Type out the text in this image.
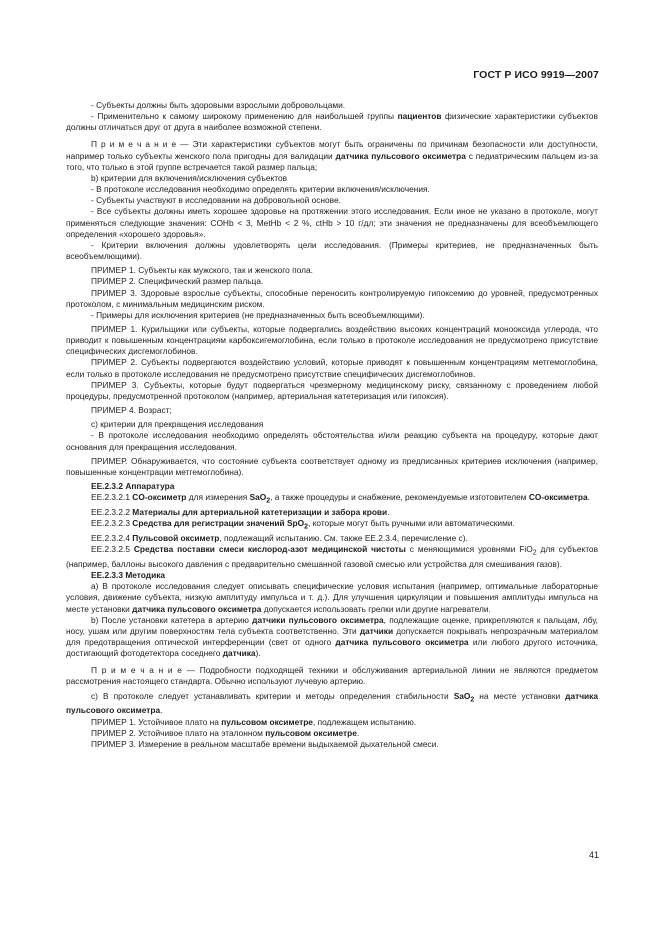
ГОСТ Р ИСО 9919—2007

- Субъекты должны быть здоровыми взрослыми добровольцами.

- Применительно к самому широкому применению для наибольшей группы пациентов физические характеристики субъектов должны отличаться друг от друга в наиболее возможной степени.

П р и м е ч а н и е — Эти характеристики субъектов могут быть ограничены по причинам безопасности или доступности, например только субъекты женского пола пригодны для валидации датчика пульсового оксиметра с педиатрическим пальцем из-за того, что только в этой группе встречается такой размер пальца;

b) критерии для включения/исключения субъектов

- В протоколе исследования необходимо определять критерии включения/исключения.

- Субъекты участвуют в исследовании на добровольной основе.

- Все субъекты должны иметь хорошее здоровье на протяжении этого исследования. Если иное не указано в протоколе, могут применяться следующие значения: COHb < 3, MetHb < 2 %, ctHb > 10 г/дл; эти значения не предназначены для всеобъемлющего определения «хорошего здоровья».

- Критерии включения должны удовлетворять цели исследования. (Примеры критериев, не предназначенных быть всеобъемлющими).

ПРИМЕР 1. Субъекты как мужского, так и женского пола.

ПРИМЕР 2. Специфический размер пальца.

ПРИМЕР 3. Здоровые взрослые субъекты, способные переносить контролируемую гипоксемию до уровней, предусмотренных протоколом, с минимальным медицинским риском.

- Примеры для исключения критериев (не предназначенных быть всеобъемлющими).

ПРИМЕР 1. Курильщики или субъекты, которые подвергались воздействию высоких концентраций монооксида углерода, что приводит к повышенным концентрациям карбоксигемоглобина, если только в протоколе исследования не предусмотрено присутствие специфических дисгемоглобинов.

ПРИМЕР 2. Субъекты подвергаются воздействию условий, которые приводят к повышенным концентрациям метгемоглобина, если только в протоколе исследования не предусмотрено присутствие специфических дисгемоглобинов.

ПРИМЕР 3. Субъекты, которые будут подвергаться чрезмерному медицинскому риску, связанному с проведением любой процедуры, предусмотренной протоколом (например, артериальная катетеризация или гипоксия).

ПРИМЕР 4. Возраст;

c) критерии для прекращения исследования

- В протоколе исследования необходимо определять обстоятельства и/или реакцию субъекта на процедуру, которые дают основания для прекращения исследования.

ПРИМЕР. Обнаруживается, что состояние субъекта соответствует одному из предписанных критериев исключения (например, повышенные концентрации метгемоглобина).

EE.2.3.2 Аппаратура

EE.2.3.2.1 CO-оксиметр для измерения SaO$_2$, а также процедуры и снабжение, рекомендуемые изготовителем CO-оксиметра.

EE.2.3.2.2 Материалы для артериальной катетеризации и забора крови.

EE.2.3.2.3 Средства для регистрации значений SpO$_2$, которые могут быть ручными или автоматическими.

EE.2.3.2.4 Пульсовой оксиметр, подлежащий испытанию. См. также EE.2.3.4, перечисление с).

EE.2.3.2.5 Средства поставки смеси кислород-азот медицинской чистоты с меняющимися уровнями FiO$_2$ для субъектов (например, баллоны высокого давления с предварительно смешанной газовой смесью или устройства для смешивания газов).

EE.2.3.3 Методика

a) В протоколе исследования следует описывать специфические условия испытания (например, оптимальные лабораторные условия, движение субъекта, низкую амплитуду импульса и т. д.). Для улучшения циркуляции и повышения амплитуды импульса на месте установки датчика пульсового оксиметра допускается использовать грелки или другие нагреватели.

b) После установки катетера в артерию датчики пульсового оксиметра, подлежащие оценке, прикрепляются к пальцам, лбу, носу, ушам или другим поверхностям тела субъекта соответственно. Эти датчики допускается покрывать непрозрачным материалом для предотвращения оптической интерференции (свет от одного датчика пульсового оксиметра или любого другого источника, достигающий фотодетектора соседнего датчика).

П р и м е ч а н и е — Подробности подходящей техники и обслуживания артериальной линии не являются предметом рассмотрения настоящего стандарта. Обычно используют лучевую артерию.

c) В протоколе следует устанавливать критерии и методы определения стабильности SaO$_2$ на месте установки датчика пульсового оксиметра.

ПРИМЕР 1. Устойчивое плато на пульсовом оксиметре, подлежащем испытанию.

ПРИМЕР 2. Устойчивое плато на эталонном пульсовом оксиметре.

ПРИМЕР 3. Измерение в реальном масштабе времени выдыхаемой дыхательной смеси.

41
